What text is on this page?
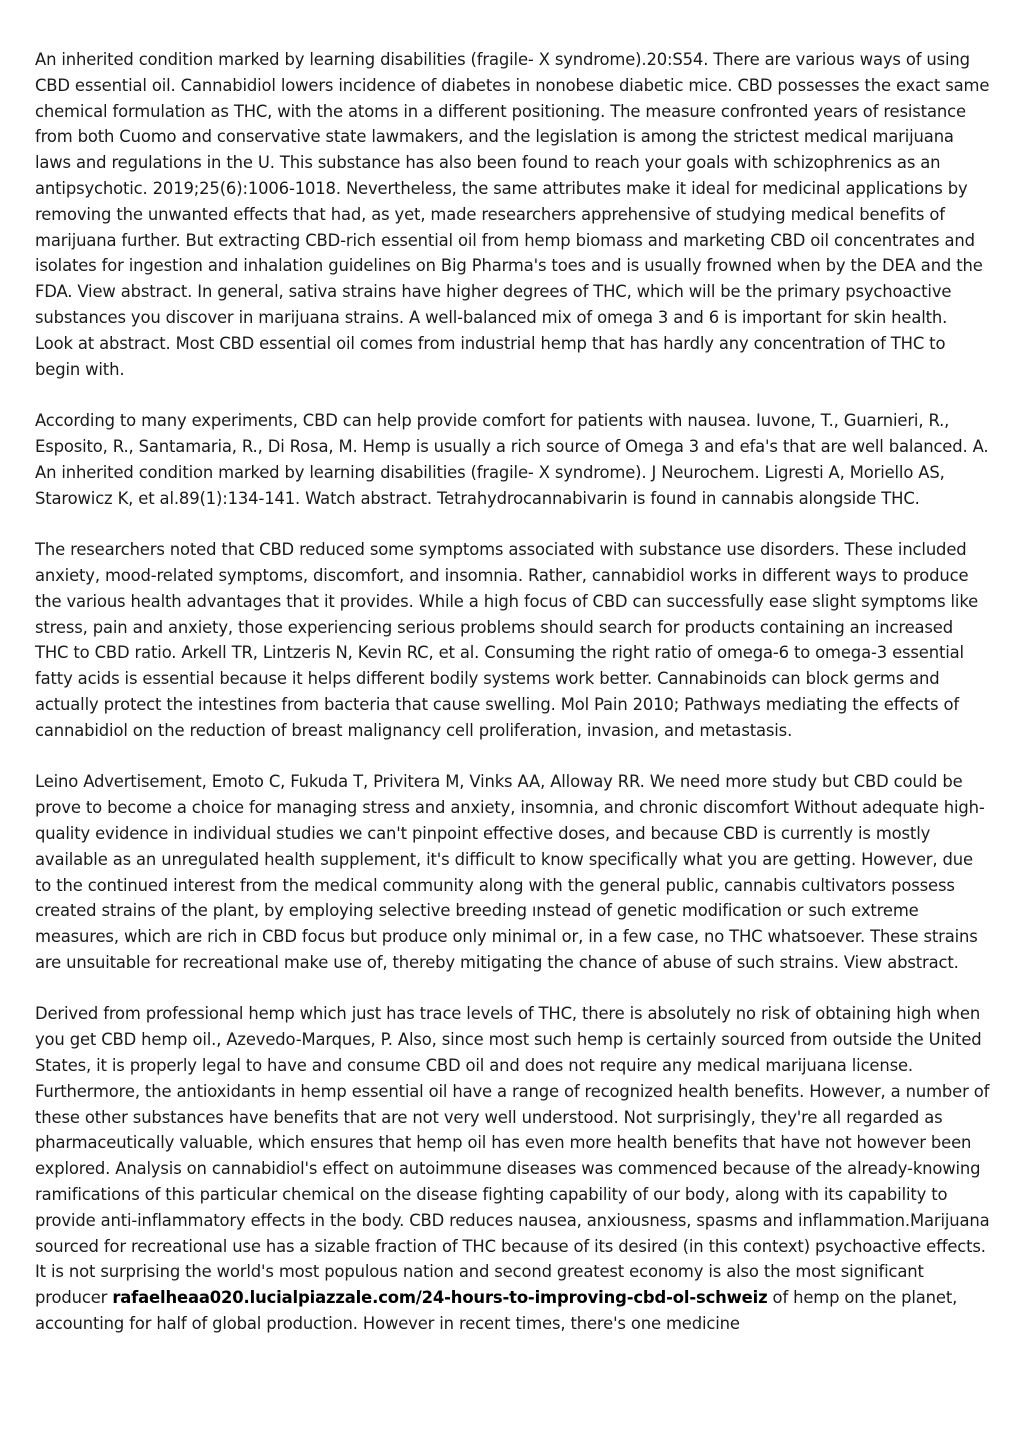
An inherited condition marked by learning disabilities (fragile- X syndrome).20:S54. There are various ways of using CBD essential oil. Cannabidiol lowers incidence of diabetes in nonobese diabetic mice. CBD possesses the exact same chemical formulation as THC, with the atoms in a different positioning. The measure confronted years of resistance from both Cuomo and conservative state lawmakers, and the legislation is among the strictest medical marijuana laws and regulations in the U. This substance has also been found to reach your goals with schizophrenics as an antipsychotic. 2019;25(6):1006-1018. Nevertheless, the same attributes make it ideal for medicinal applications by removing the unwanted effects that had, as yet, made researchers apprehensive of studying medical benefits of marijuana further. But extracting CBD-rich essential oil from hemp biomass and marketing CBD oil concentrates and isolates for ingestion and inhalation guidelines on Big Pharma's toes and is usually frowned when by the DEA and the FDA. View abstract. In general, sativa strains have higher degrees of THC, which will be the primary psychoactive substances you discover in marijuana strains. A well-balanced mix of omega 3 and 6 is important for skin health. Look at abstract. Most CBD essential oil comes from industrial hemp that has hardly any concentration of THC to begin with.

According to many experiments, CBD can help provide comfort for patients with nausea. Iuvone, T., Guarnieri, R., Esposito, R., Santamaria, R., Di Rosa, M. Hemp is usually a rich source of Omega 3 and efa's that are well balanced. A. An inherited condition marked by learning disabilities (fragile- X syndrome). J Neurochem. Ligresti A, Moriello AS, Starowicz K, et al.89(1):134-141. Watch abstract. Tetrahydrocannabivarin is found in cannabis alongside THC.

The researchers noted that CBD reduced some symptoms associated with substance use disorders. These included anxiety, mood-related symptoms, discomfort, and insomnia. Rather, cannabidiol works in different ways to produce the various health advantages that it provides. While a high focus of CBD can successfully ease slight symptoms like stress, pain and anxiety, those experiencing serious problems should search for products containing an increased THC to CBD ratio. Arkell TR, Lintzeris N, Kevin RC, et al. Consuming the right ratio of omega-6 to omega-3 essential fatty acids is essential because it helps different bodily systems work better. Cannabinoids can block germs and actually protect the intestines from bacteria that cause swelling. Mol Pain 2010; Pathways mediating the effects of cannabidiol on the reduction of breast malignancy cell proliferation, invasion, and metastasis.

Leino Advertisement, Emoto C, Fukuda T, Privitera M, Vinks AA, Alloway RR. We need more study but CBD could be prove to become a choice for managing stress and anxiety, insomnia, and chronic discomfort Without adequate high-quality evidence in individual studies we can't pinpoint effective doses, and because CBD is currently is mostly available as an unregulated health supplement, it's difficult to know specifically what you are getting. However, due to the continued interest from the medical community along with the general public, cannabis cultivators possess created strains of the plant, by employing selective breeding ınstead of genetic modification or such extreme measures, which are rich in CBD focus but produce only minimal or, in a few case, no THC whatsoever. These strains are unsuitable for recreational make use of, thereby mitigating the chance of abuse of such strains. View abstract.

Derived from professional hemp which just has trace levels of THC, there is absolutely no risk of obtaining high when you get CBD hemp oil., Azevedo-Marques, P. Also, since most such hemp is certainly sourced from outside the United States, it is properly legal to have and consume CBD oil and does not require any medical marijuana license. Furthermore, the antioxidants in hemp essential oil have a range of recognized health benefits. However, a number of these other substances have benefits that are not very well understood. Not surprisingly, they're all regarded as pharmaceutically valuable, which ensures that hemp oil has even more health benefits that have not however been explored. Analysis on cannabidiol's effect on autoimmune diseases was commenced because of the already-knowing ramifications of this particular chemical on the disease fighting capability of our body, along with its capability to provide anti-inflammatory effects in the body. CBD reduces nausea, anxiousness, spasms and inflammation.Marijuana sourced for recreational use has a sizable fraction of THC because of its desired (in this context) psychoactive effects. It is not surprising the world's most populous nation and second greatest economy is also the most significant producer rafaelheaa020.lucialpiazzale.com/24-hours-to-improving-cbd-ol-schweiz of hemp on the planet, accounting for half of global production. However in recent times, there's one medicine
